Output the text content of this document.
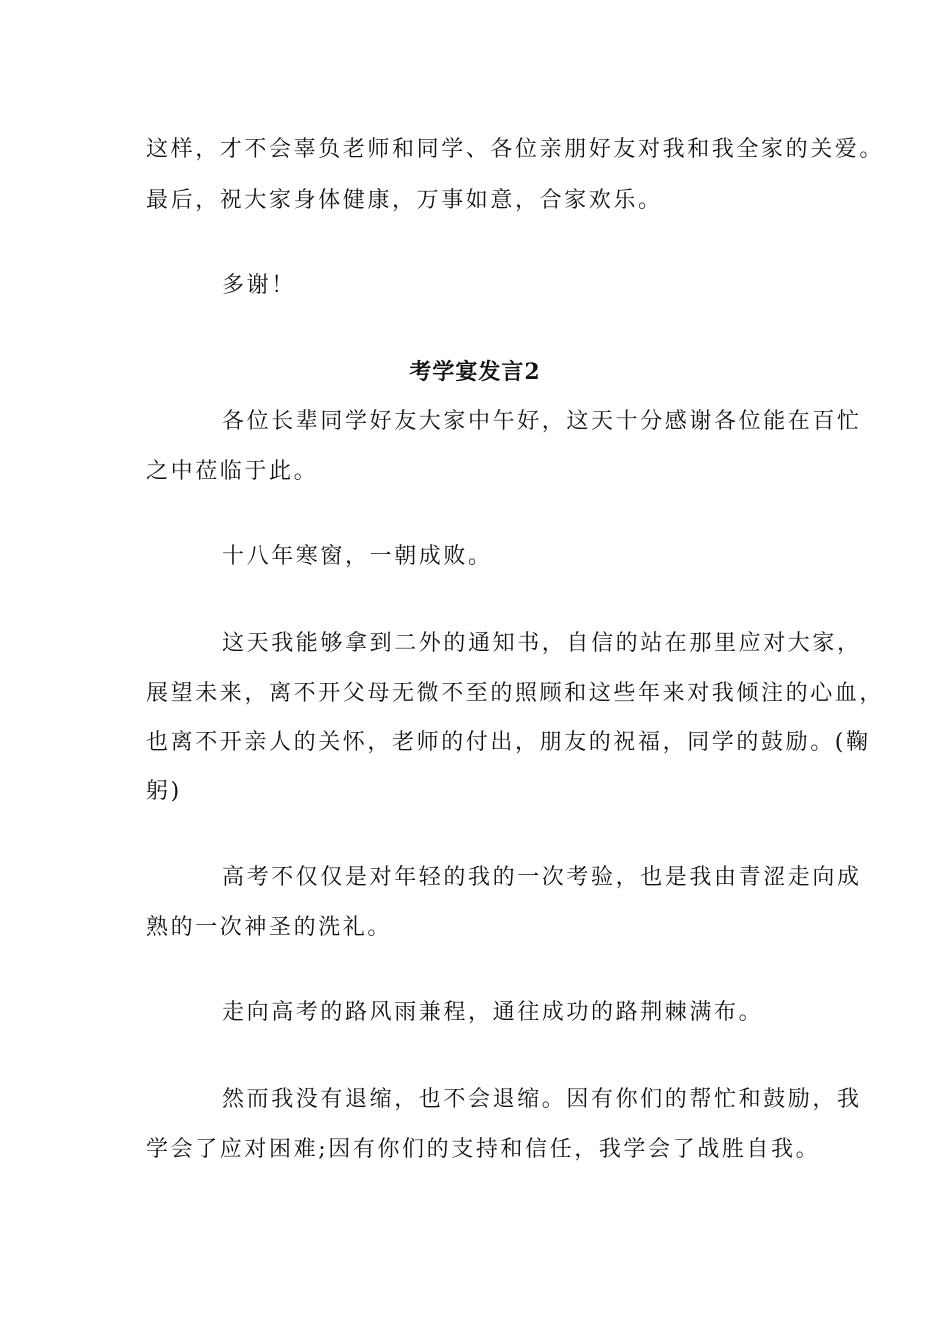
这样，才不会辜负老师和同学、各位亲朋好友对我和我全家的关爱。
最后，祝大家身体健康，万事如意，合家欢乐。
多谢！
考学宴发言2
各位长辈同学好友大家中午好，这天十分感谢各位能在百忙
之中莅临于此。
十八年寒窗，一朝成败。
这天我能够拿到二外的通知书，自信的站在那里应对大家，
展望未来，离不开父母无微不至的照顾和这些年来对我倾注的心血，
也离不开亲人的关怀，老师的付出，朋友的祝福，同学的鼓励。(鞠
躬)
高考不仅仅是对年轻的我的一次考验，也是我由青涩走向成
熟的一次神圣的洗礼。
走向高考的路风雨兼程，通往成功的路荆棘满布。
然而我没有退缩，也不会退缩。因有你们的帮忙和鼓励，我
学会了应对困难;因有你们的支持和信任，我学会了战胜自我。
